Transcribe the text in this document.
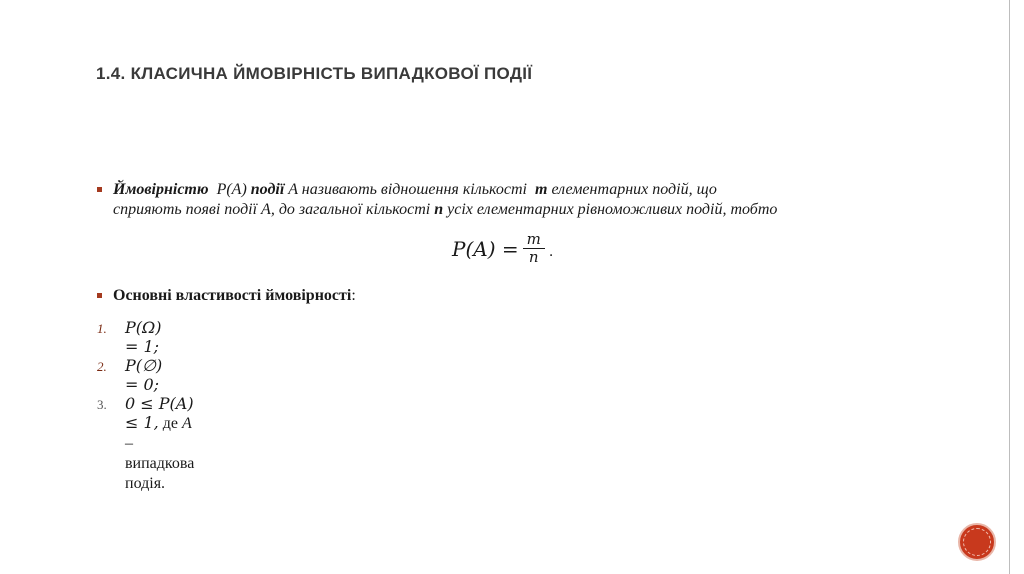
1.4. КЛАСИЧНА ЙМОВІРНІСТЬ ВИПАДКОВОЇ ПОДІЇ
Ймовірністю P(A) події A називають відношення кількості m елементарних подій, що
сприяють появі події A, до загальної кількості n усіх елементарних рівноможливих подій, тобто
$P(A) = \frac{m}{n}$ .
Основні властивості ймовірності:
1. P(Ω) = 1;
2. P(∅) = 0;
3. 0 ≤ P(A) ≤ 1, де A – випадкова подія.
